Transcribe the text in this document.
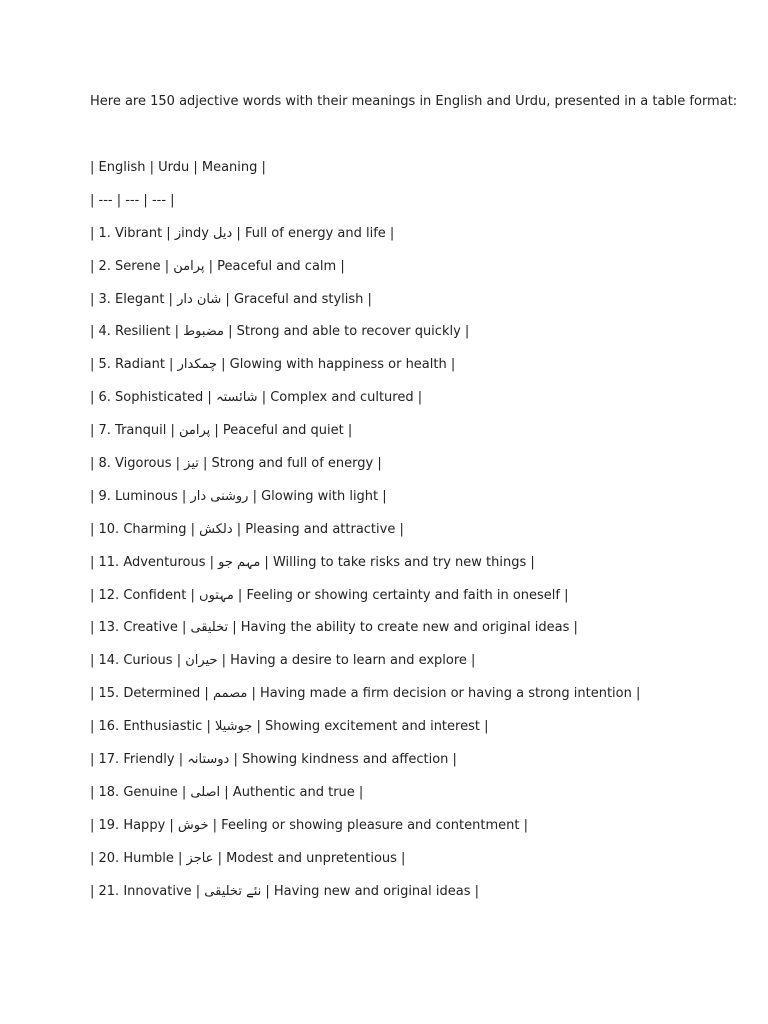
Here are 150 adjective words with their meanings in English and Urdu, presented in a table format:
| English | Urdu | Meaning |
| --- | --- | --- |
| 1. Vibrant | زindy دیل | Full of energy and life |
| 2. Serene | پرامن | Peaceful and calm |
| 3. Elegant | شان دار | Graceful and stylish |
| 4. Resilient | مضبوط | Strong and able to recover quickly |
| 5. Radiant | چمکدار | Glowing with happiness or health |
| 6. Sophisticated | شائستہ | Complex and cultured |
| 7. Tranquil | پرامن | Peaceful and quiet |
| 8. Vigorous | تیز | Strong and full of energy |
| 9. Luminous | روشنی دار | Glowing with light |
| 10. Charming | دلکش | Pleasing and attractive |
| 11. Adventurous | مہم جو | Willing to take risks and try new things |
| 12. Confident | مہتوں | Feeling or showing certainty and faith in oneself |
| 13. Creative | تخلیقی | Having the ability to create new and original ideas |
| 14. Curious | حیران | Having a desire to learn and explore |
| 15. Determined | مصمم | Having made a firm decision or having a strong intention |
| 16. Enthusiastic | جوشیلا | Showing excitement and interest |
| 17. Friendly | دوستانہ | Showing kindness and affection |
| 18. Genuine | اصلی | Authentic and true |
| 19. Happy | خوش | Feeling or showing pleasure and contentment |
| 20. Humble | عاجز | Modest and unpretentious |
| 21. Innovative | نئے تخلیقی | Having new and original ideas |
